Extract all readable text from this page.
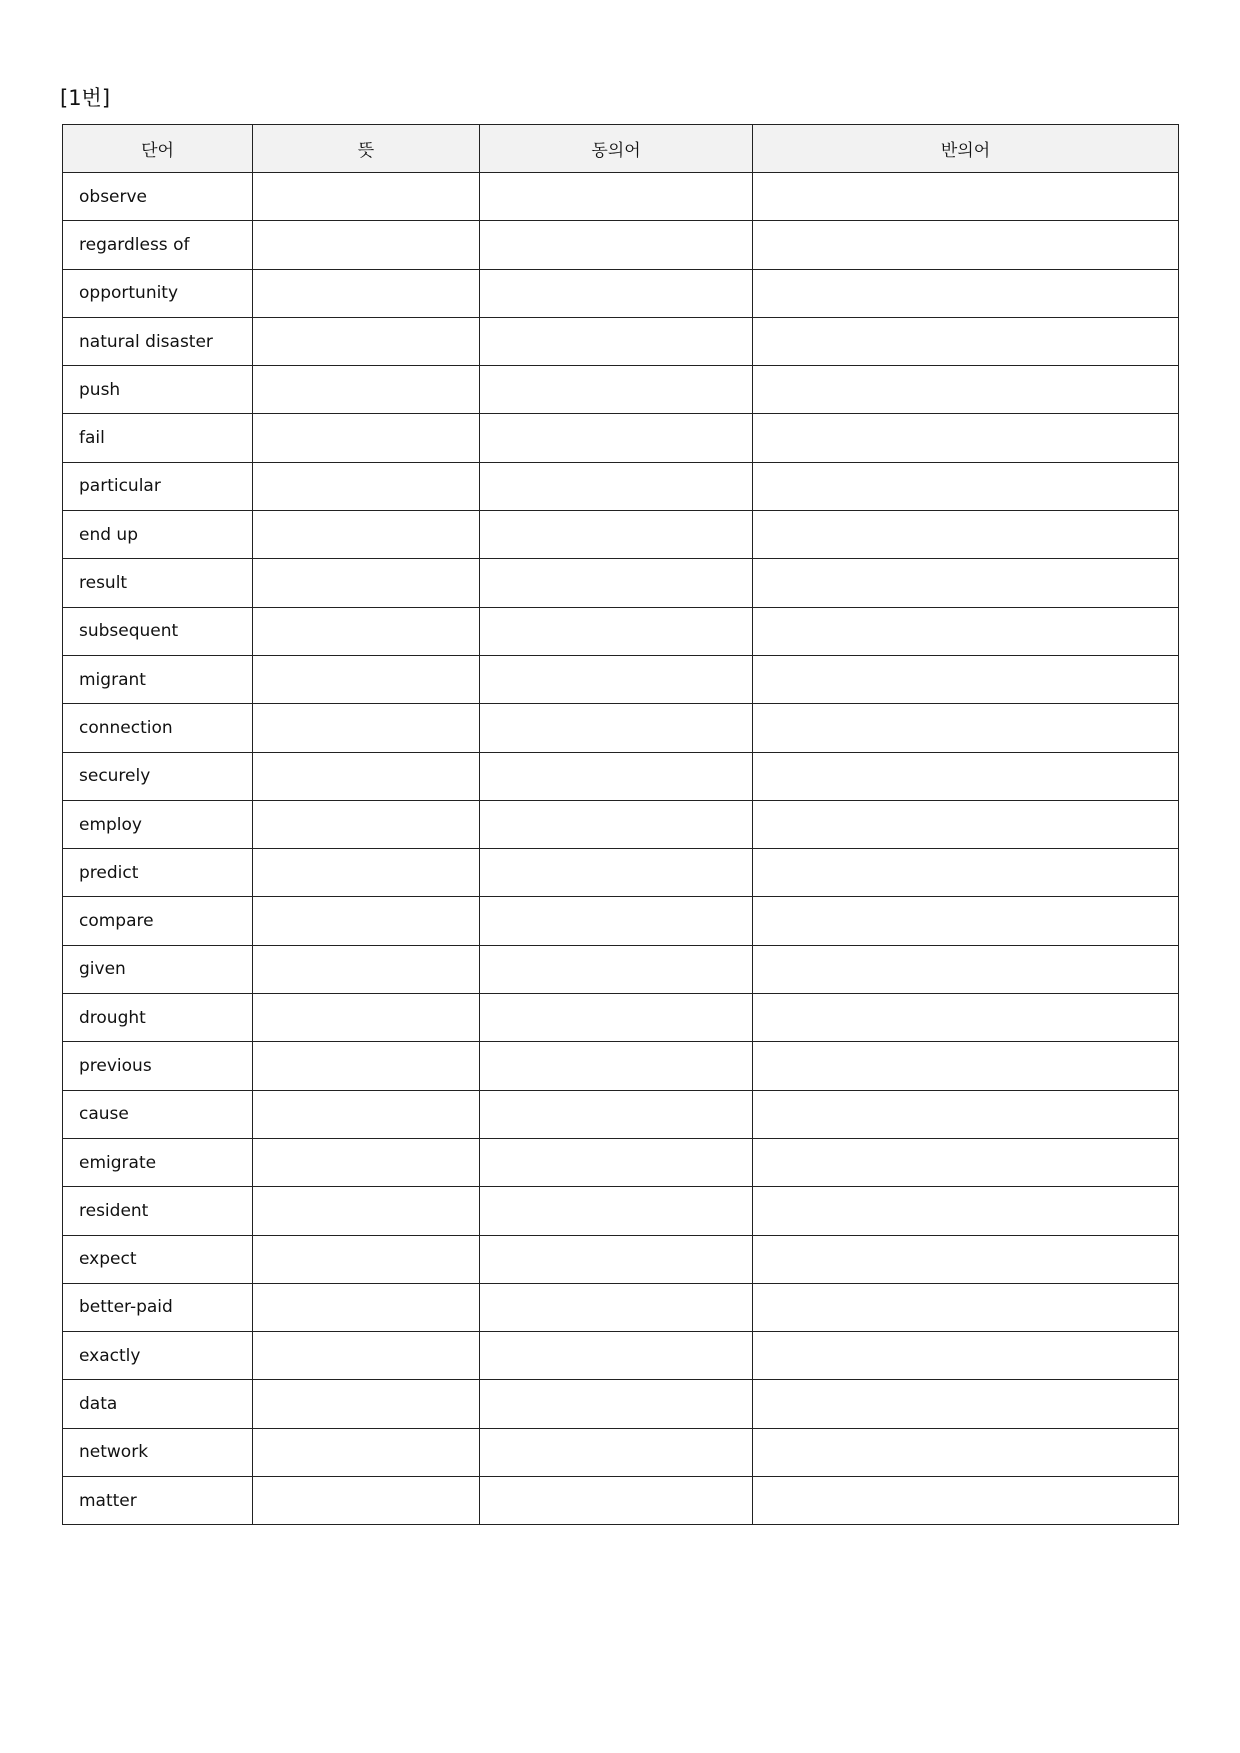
[1번]
단어	뜻	동의어	반의어
observe			
regardless of			
opportunity			
natural disaster			
push			
fail			
particular			
end up			
result			
subsequent			
migrant			
connection			
securely			
employ			
predict			
compare			
given			
drought			
previous			
cause			
emigrate			
resident			
expect			
better-paid			
exactly			
data			
network			
matter			
